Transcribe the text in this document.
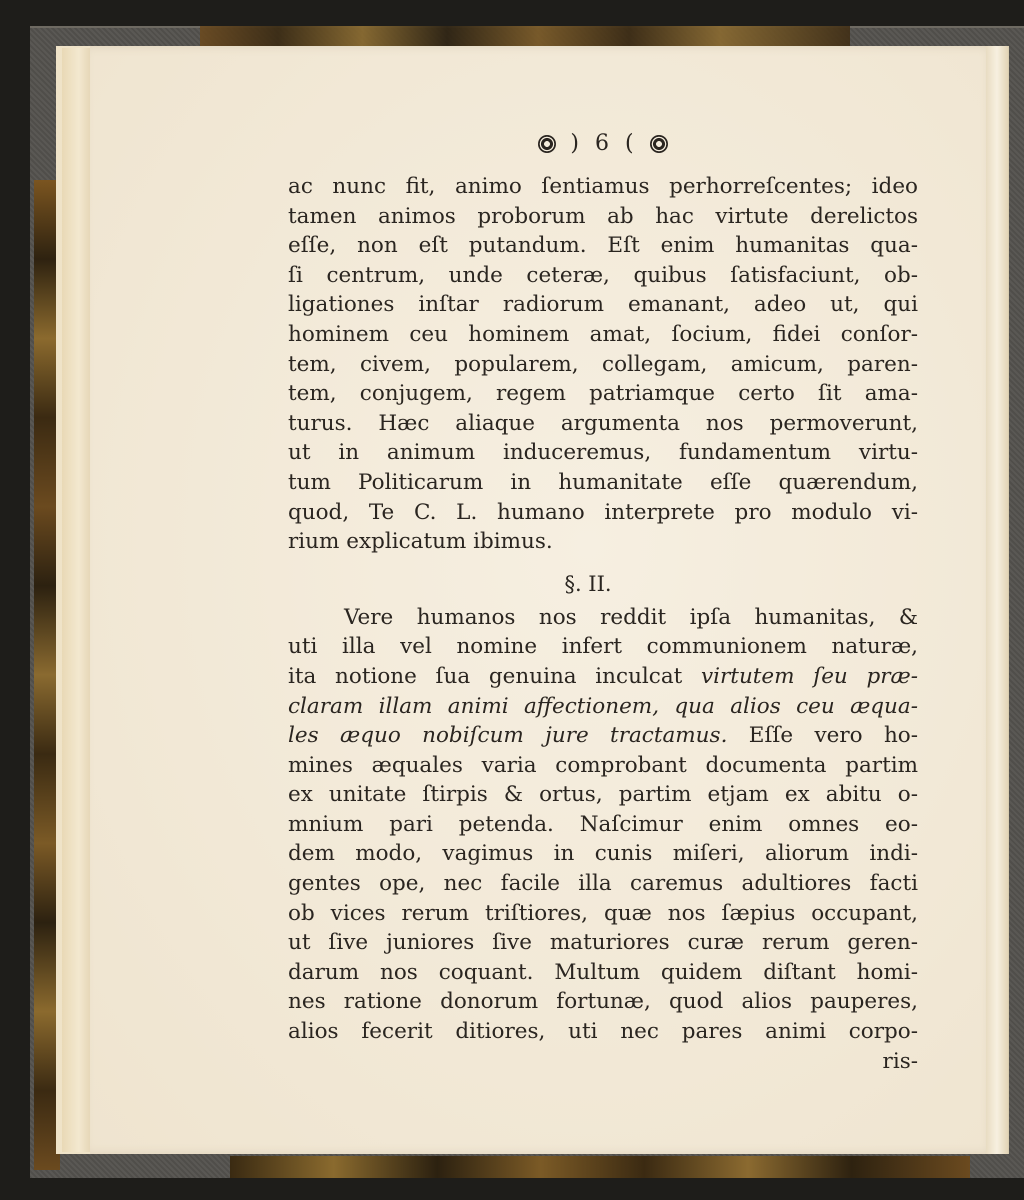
) 6 (
ac nunc fit, animo ſentiamus perhorreſcentes; ideo
tamen animos proborum ab hac virtute derelictos
eſſe, non eſt putandum. Eſt enim humanitas qua-
ſi centrum, unde ceteræ, quibus ſatisfaciunt, ob-
ligationes inſtar radiorum emanant, adeo ut, qui
hominem ceu hominem amat, ſocium, fidei conſor-
tem, civem, popularem, collegam, amicum, paren-
tem, conjugem, regem patriamque certo ſit ama-
turus. Hæc aliaque argumenta nos permoverunt,
ut in animum induceremus, fundamentum virtu-
tum Politicarum in humanitate eſſe quærendum,
quod, Te C. L. humano interprete pro modulo vi-
rium explicatum ibimus.
§. II.
Vere humanos nos reddit ipſa humanitas, &
uti illa vel nomine infert communionem naturæ,
ita notione ſua genuina inculcat virtutem ſeu præ-
claram illam animi affectionem, qua alios ceu æqua-
les æquo nobiſcum jure tractamus. Eſſe vero ho-
mines æquales varia comprobant documenta partim
ex unitate ſtirpis & ortus, partim etjam ex abitu o-
mnium pari petenda. Naſcimur enim omnes eo-
dem modo, vagimus in cunis miſeri, aliorum indi-
gentes ope, nec facile illa caremus adultiores facti
ob vices rerum triſtiores, quæ nos ſæpius occupant,
ut ſive juniores ſive maturiores curæ rerum geren-
darum nos coquant. Multum quidem diſtant homi-
nes ratione donorum fortunæ, quod alios pauperes,
alios fecerit ditiores, uti nec pares animi corpo-
ris-
